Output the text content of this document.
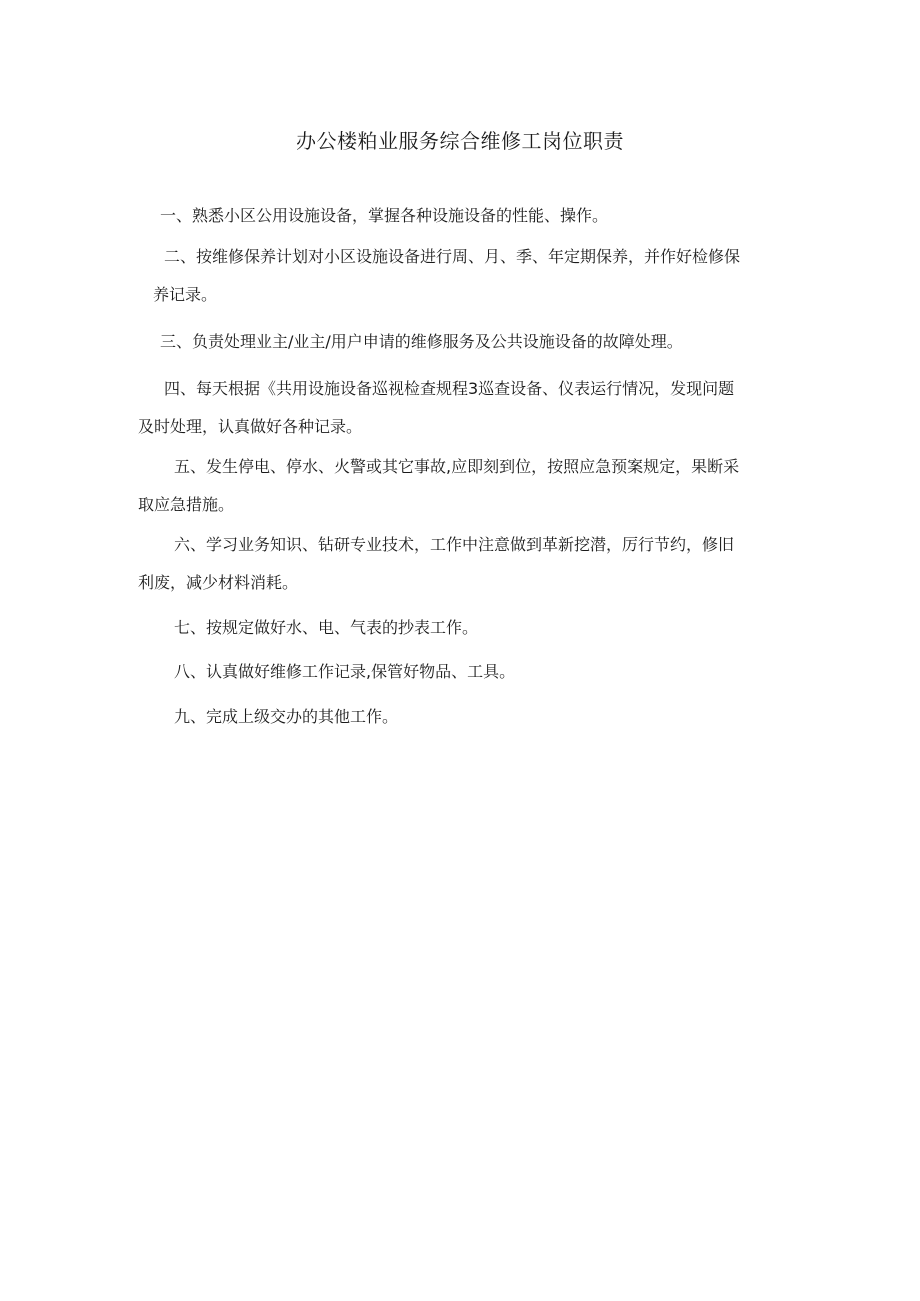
办公楼粕业服务综合维修工岗位职责
一、熟悉小区公用设施设备，掌握各种设施设备的性能、操作。
二、按维修保养计划对小区设施设备进行周、月、季、年定期保养，并作好检修保
养记录。
三、负责处理业主/业主/用户申请的维修服务及公共设施设备的故障处理。
四、每天根据《共用设施设备巡视检查规程3巡查设备、仪表运行情况，发现问题
及时处理，认真做好各种记录。
五、发生停电、停水、火警或其它事故,应即刻到位，按照应急预案规定，果断采
取应急措施。
六、学习业务知识、钻研专业技术，工作中注意做到革新挖潜，厉行节约，修旧
利废，减少材料消耗。
七、按规定做好水、电、气表的抄表工作。
八、认真做好维修工作记录,保管好物品、工具。
九、完成上级交办的其他工作。
